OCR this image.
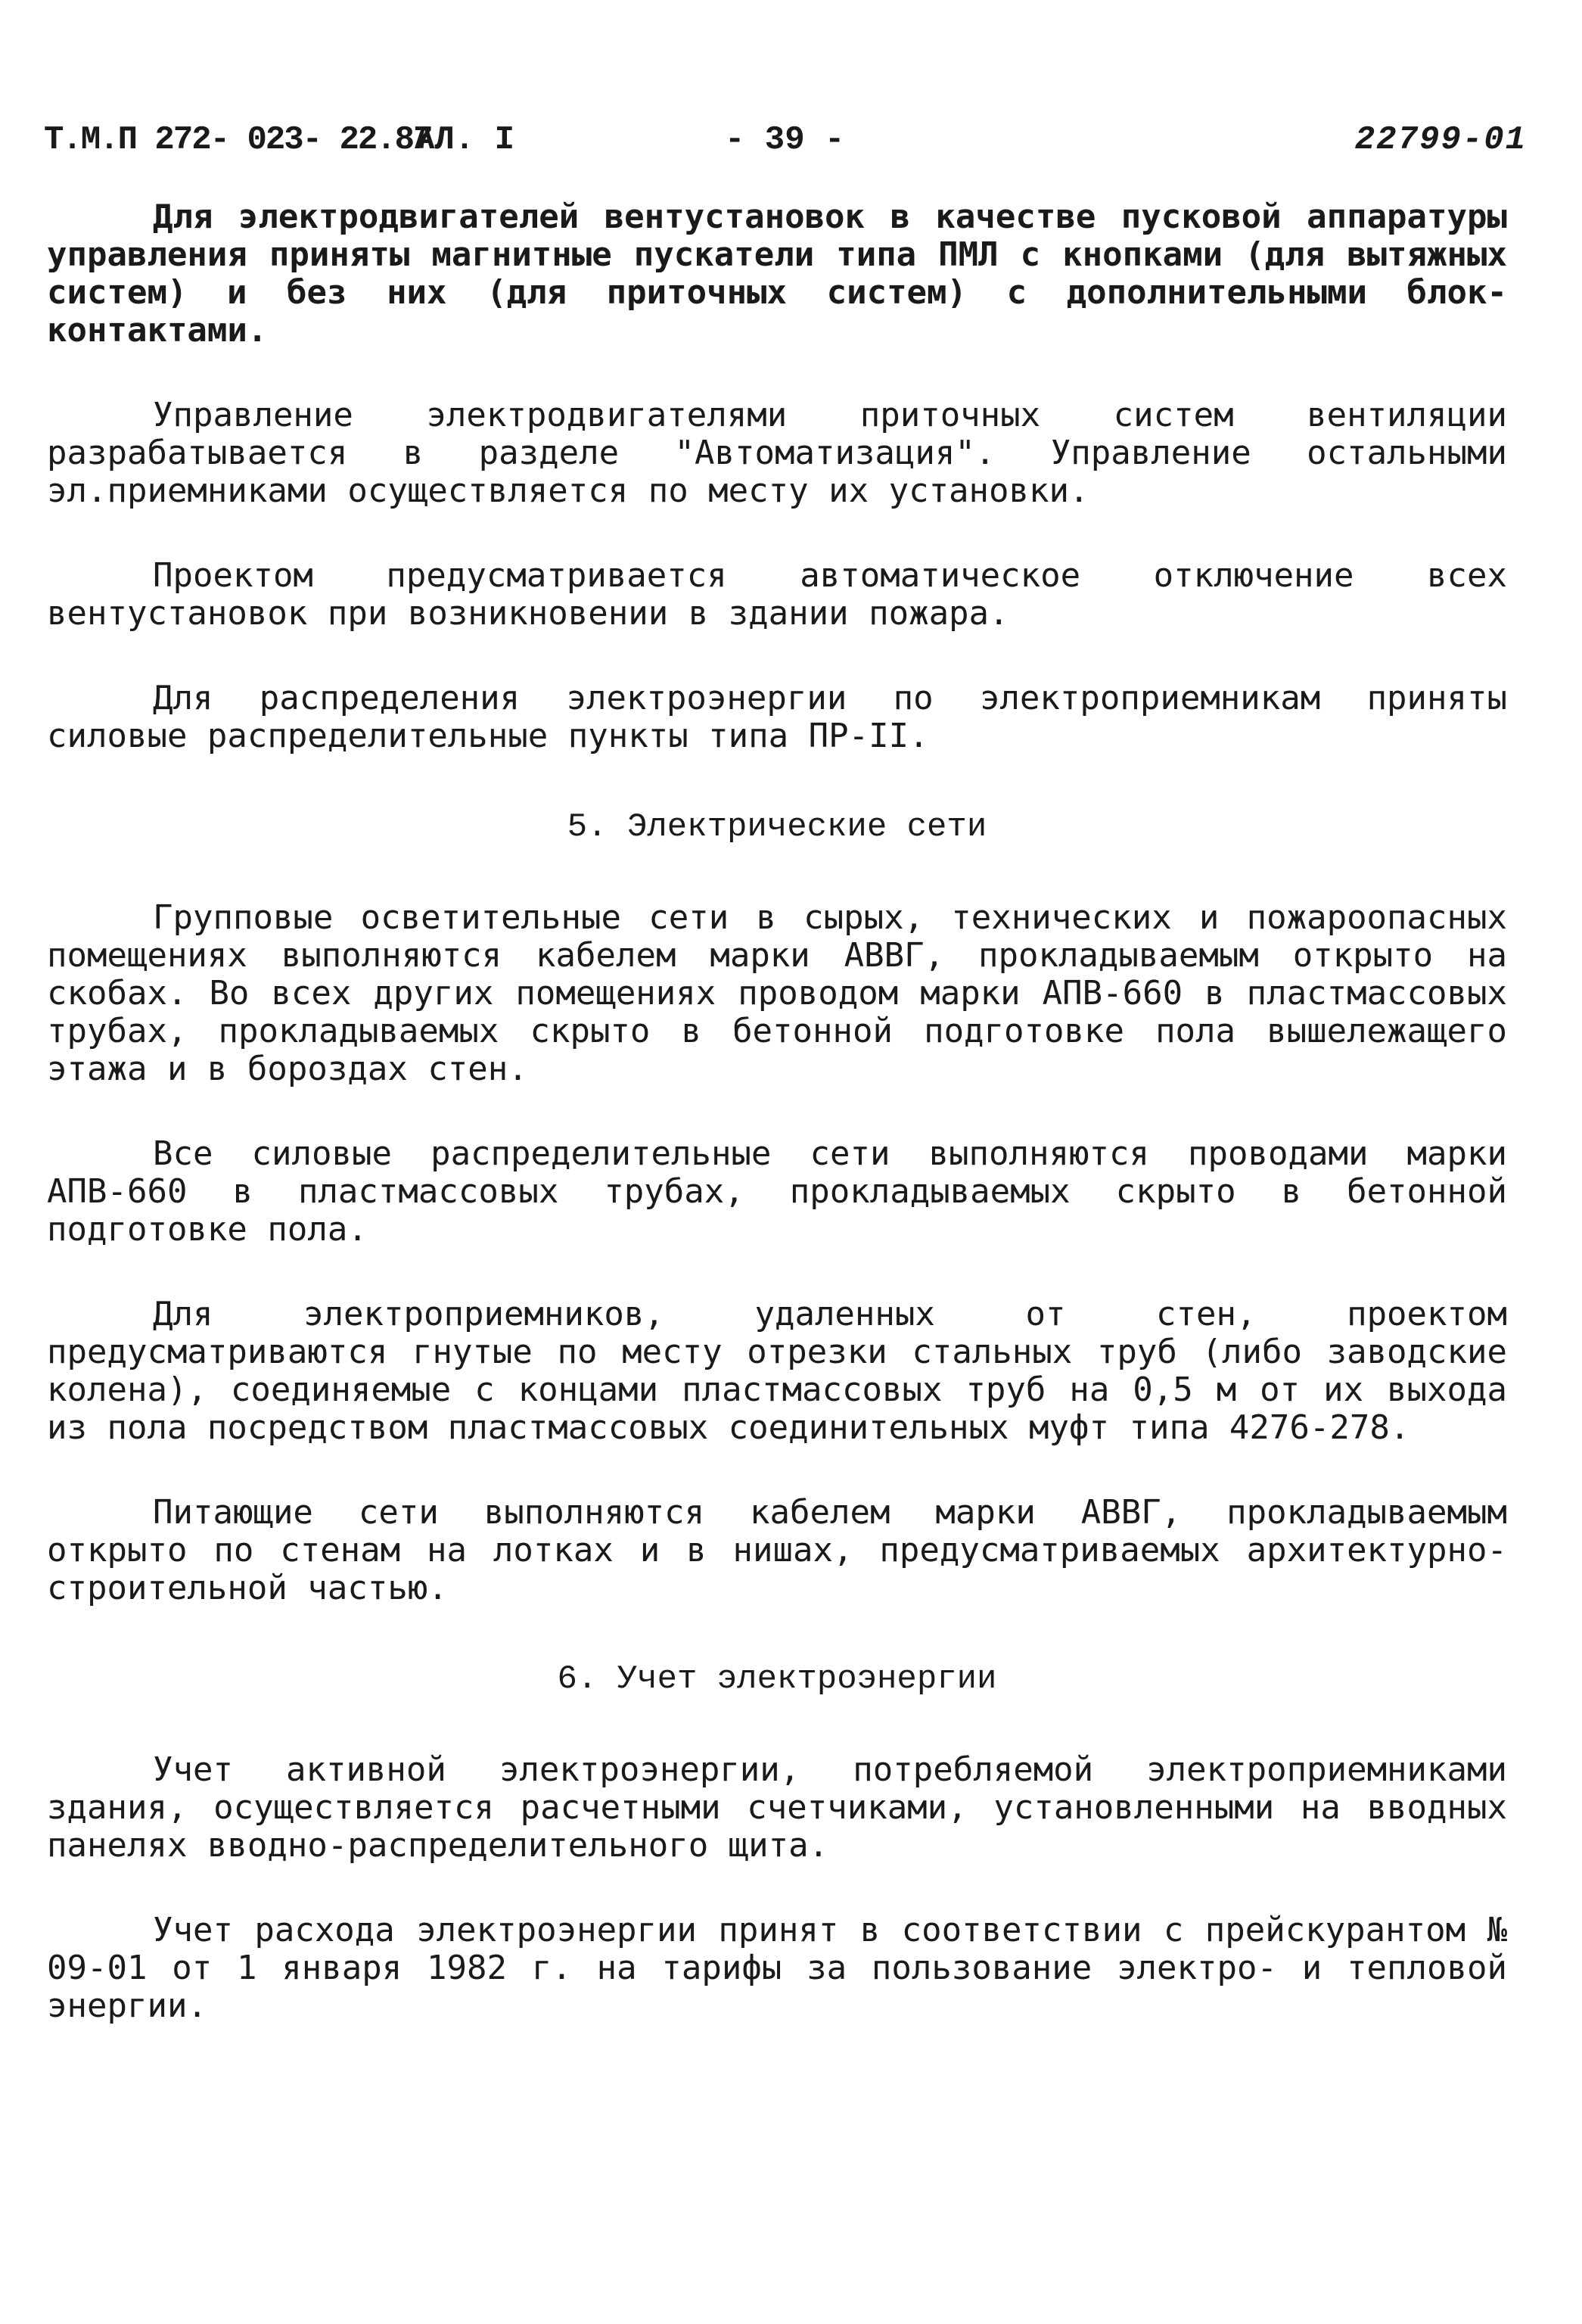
Т.М.П 272- 023- 22.87
АЛ. I	- 39 -	22799-01

Для электродвигателей вентустановок в качестве пусковой аппаратуры управления приняты магнитные пускатели типа ПМЛ с кнопками (для вытяжных систем) и без них (для приточных систем) с дополнительными блок-контактами.

Управление электродвигателями приточных систем вентиляции разрабатывается в разделе "Автоматизация". Управление остальными эл.приемниками осуществляется по месту их установки.

Проектом предусматривается автоматическое отключение всех вентустановок при возникновении в здании пожара.

Для распределения электроэнергии по электроприемникам приняты силовые распределительные пункты типа ПР-II.

5. Электрические сети

Групповые осветительные сети в сырых, технических и пожароопасных помещениях выполняются кабелем марки АВВГ, прокладываемым открыто на скобах. Во всех других помещениях проводом марки АПВ-660 в пластмассовых трубах, прокладываемых скрыто в бетонной подготовке пола вышележащего этажа и в бороздах стен.

Все силовые распределительные сети выполняются проводами марки АПВ-660 в пластмассовых трубах, прокладываемых скрыто в бетонной подготовке пола.

Для электроприемников, удаленных от стен, проектом предусматриваются гнутые по месту отрезки стальных труб (либо заводские колена), соединяемые с концами пластмассовых труб на 0,5 м от их выхода из пола посредством пластмассовых соединительных муфт типа 4276-278.

Питающие сети выполняются кабелем марки АВВГ, прокладываемым открыто по стенам на лотках и в нишах, предусматриваемых архитектурно-строительной частью.

6. Учет электроэнергии

Учет активной электроэнергии, потребляемой электроприемниками здания, осуществляется расчетными счетчиками, установленными на вводных панелях вводно-распределительного щита.

Учет расхода электроэнергии принят в соответствии с прейскурантом № 09-01 от 1 января 1982 г. на тарифы за пользование электро- и тепловой энергии.
